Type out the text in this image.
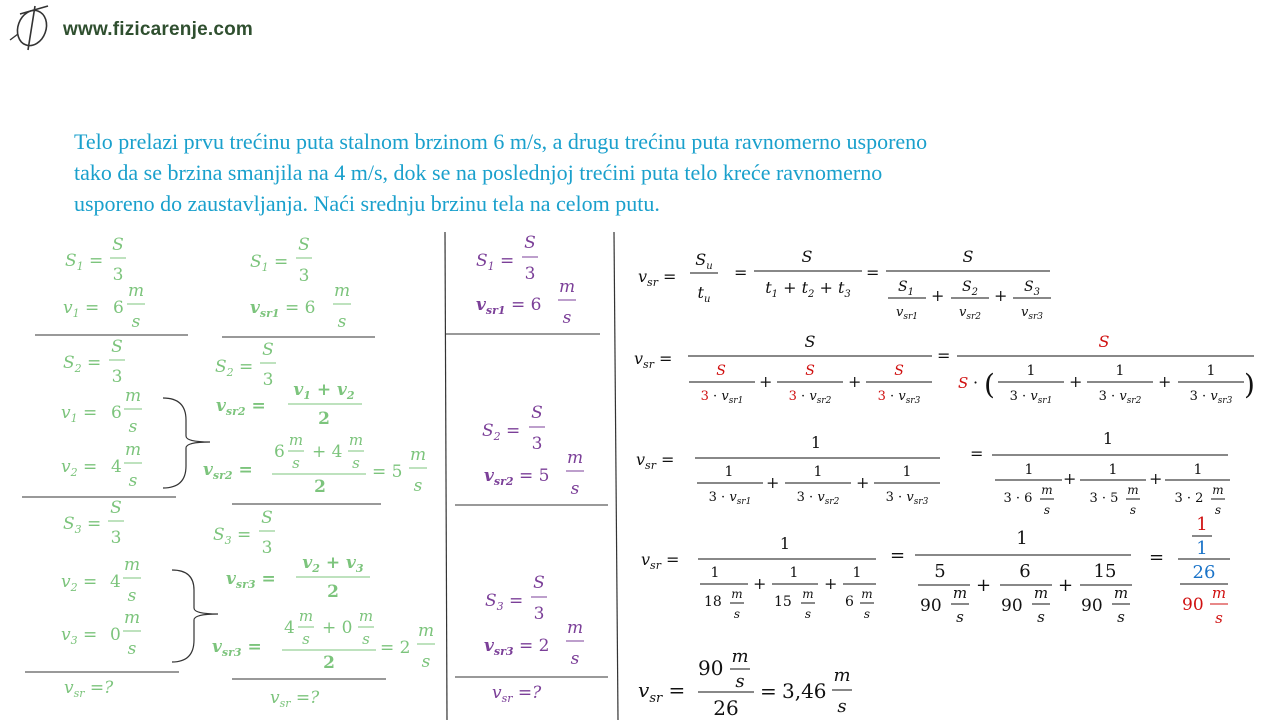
www.fizicarenje.com
Telo prelazi prvu trećinu puta stalnom brzinom 6 m/s, a drugu trećinu puta ravnomerno usporeno
tako da se brzina smanjila na 4 m/s, dok se na poslednjoj trećini puta telo kreće ravnomerno
usporeno do zaustavljanja. Naći srednju brzinu tela na celom putu.
$S_1$ =
S
3
$v_1 = 6$
m
s
$S_2$ =
S
3
$v_1 = 6$
m
s
$v_2 = 4$
m
s
$S_3$ =
S
3
$v_2 = 4$
m
s
$v_3 = 0$
m
s
$v_{sr}$ =?
$S_1$ =
S
3
$v_{sr1} = 6$
m
s
$S_2$ =
S
3
$v_{sr2}$ =
$v_1 + v_2$
2
$v_{sr2}$ =
6
m
s
+ 4
m
s
2
= 5
m
s
$S_3$ =
S
3
$v_{sr3}$ =
$v_2 + v_3$
2
$v_{sr3}$ =
4
m
s
+ 0
m
s
2
= 2
m
s
$v_{sr}$ =?
$S_1$ =
S
3
$v_{sr1} = 6$
m
s
$S_2$ =
S
3
$v_{sr2} = 5$
m
s
$S_3$ =
S
3
$v_{sr3} = 2$
m
s
$v_{sr}$ =?
$v_{sr}$ =
$S_u$
$t_u$
=
S
$t_1 + t_2 + t_3$
=
S
$S_1$
$v_{sr1}$
+ $S_2$
$v_{sr2}$
+ $S_3$
$v_{sr3}$
$v_{sr}$ =
S
S
$3 \cdot v_{sr1}$
+
S
$3 \cdot v_{sr2}$
+
S
$3 \cdot v_{sr3}$
=
S
S · ( 1
$3 \cdot v_{sr1}$
+
1
$3 \cdot v_{sr2}$
+
1
$3 \cdot v_{sr3}$ )
$v_{sr}$ =
1
1
$3 \cdot v_{sr1}$
+
1
$3 \cdot v_{sr2}$
+
1
$3 \cdot v_{sr3}$
=
1
1
3 · 6
m
s
+ 1
3 · 5
m
s
+ 1
3 · 2
m
s
$v_{sr}$ =
1
1
18 m
s
+
1
15 m
s
+
1
6 m
s
=
1
5
90
m
s
+
6
90
m
s
+
15
90
m
s
=
1
1
26
90
m
s
$v_{sr}$ =
90 m
s
26
= 3,46
m
s
